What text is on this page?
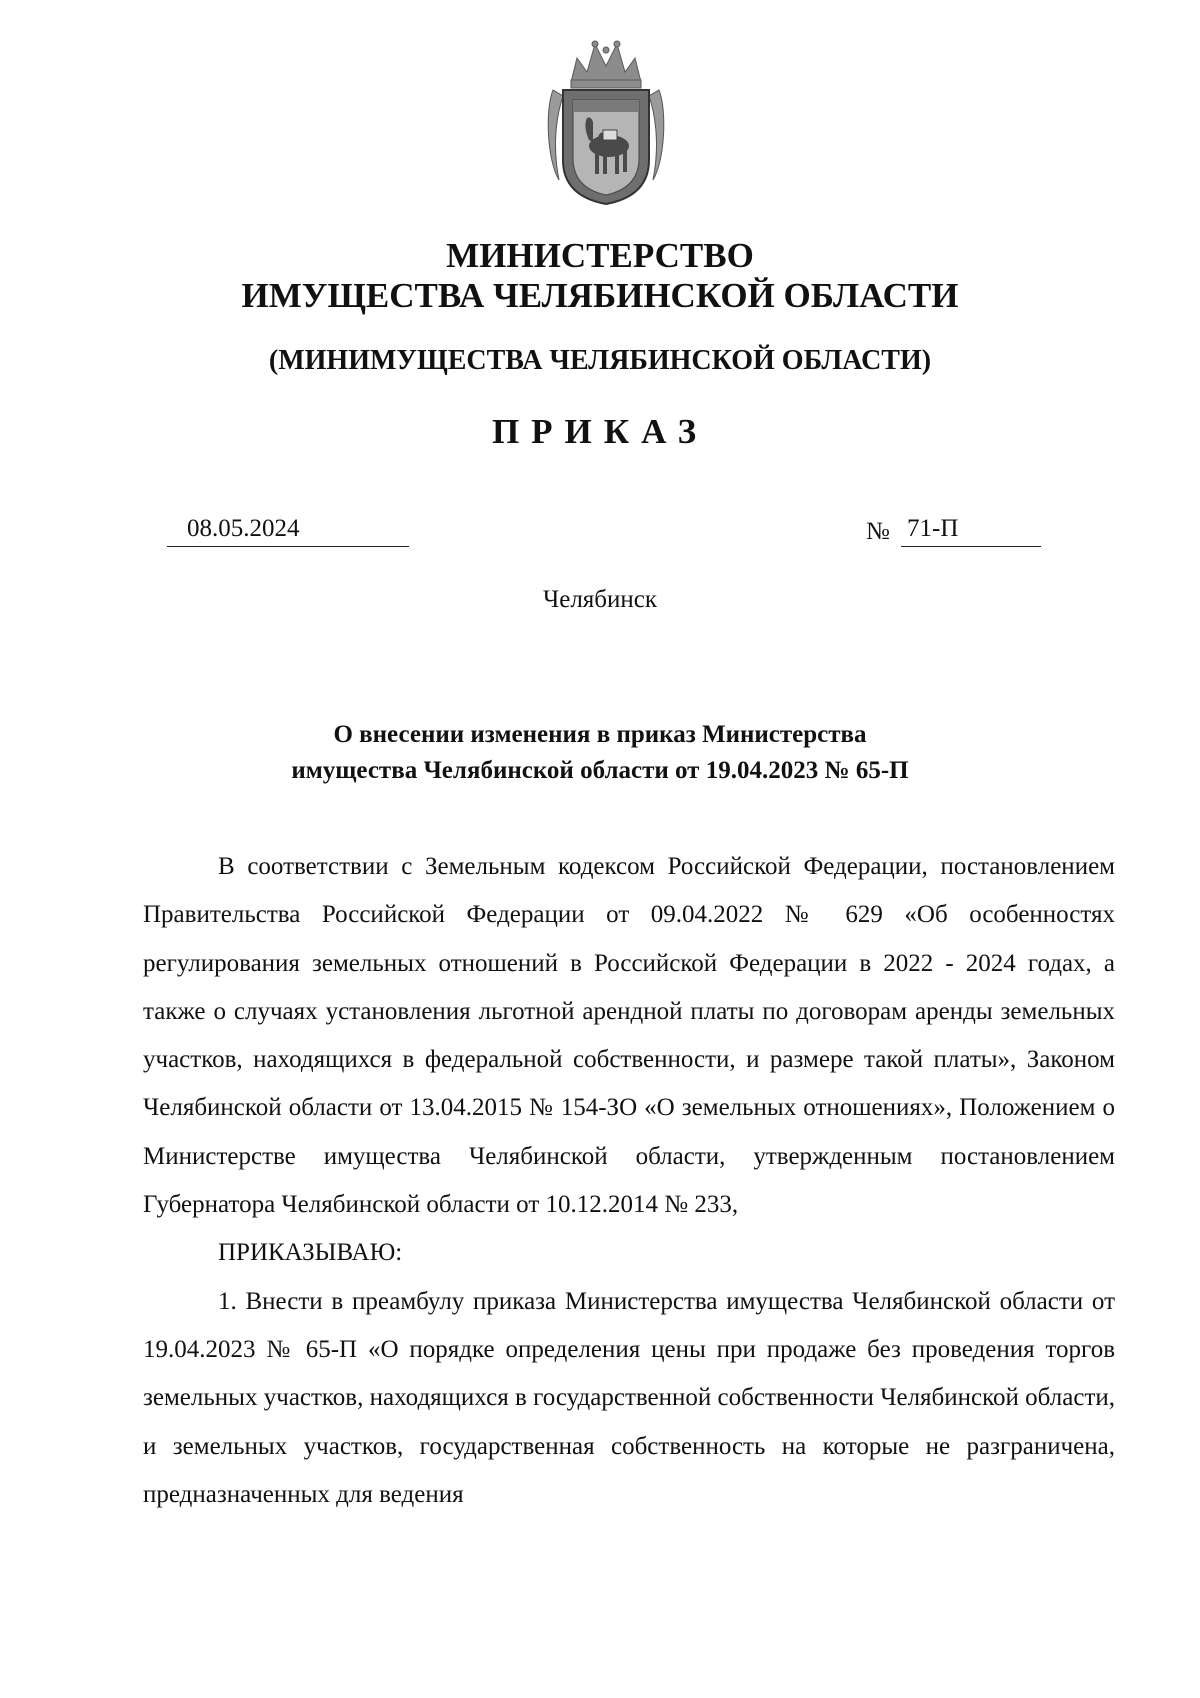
МИНИСТЕРСТВО
ИМУЩЕСТВА ЧЕЛЯБИНСКОЙ ОБЛАСТИ
(МИНИМУЩЕСТВА ЧЕЛЯБИНСКОЙ ОБЛАСТИ)
ПРИКАЗ
08.05.2024	№ 71-П
Челябинск
О внесении изменения в приказ Министерства
имущества Челябинской области от 19.04.2023 № 65-П

В соответствии с Земельным кодексом Российской Федерации, постановлением Правительства Российской Федерации от 09.04.2022 № 629 «Об особенностях регулирования земельных отношений в Российской Федерации в 2022 - 2024 годах, а также о случаях установления льготной арендной платы по договорам аренды земельных участков, находящихся в федеральной собственности, и размере такой платы», Законом Челябинской области от 13.04.2015 № 154-ЗО «О земельных отношениях», Положением о Министерстве имущества Челябинской области, утвержденным постановлением Губернатора Челябинской области от 10.12.2014 № 233,

ПРИКАЗЫВАЮ:

1. Внести в преамбулу приказа Министерства имущества Челябинской области от 19.04.2023 № 65-П «О порядке определения цены при продаже без проведения торгов земельных участков, находящихся в государственной собственности Челябинской области, и земельных участков, государственная собственность на которые не разграничена, предназначенных для ведения
